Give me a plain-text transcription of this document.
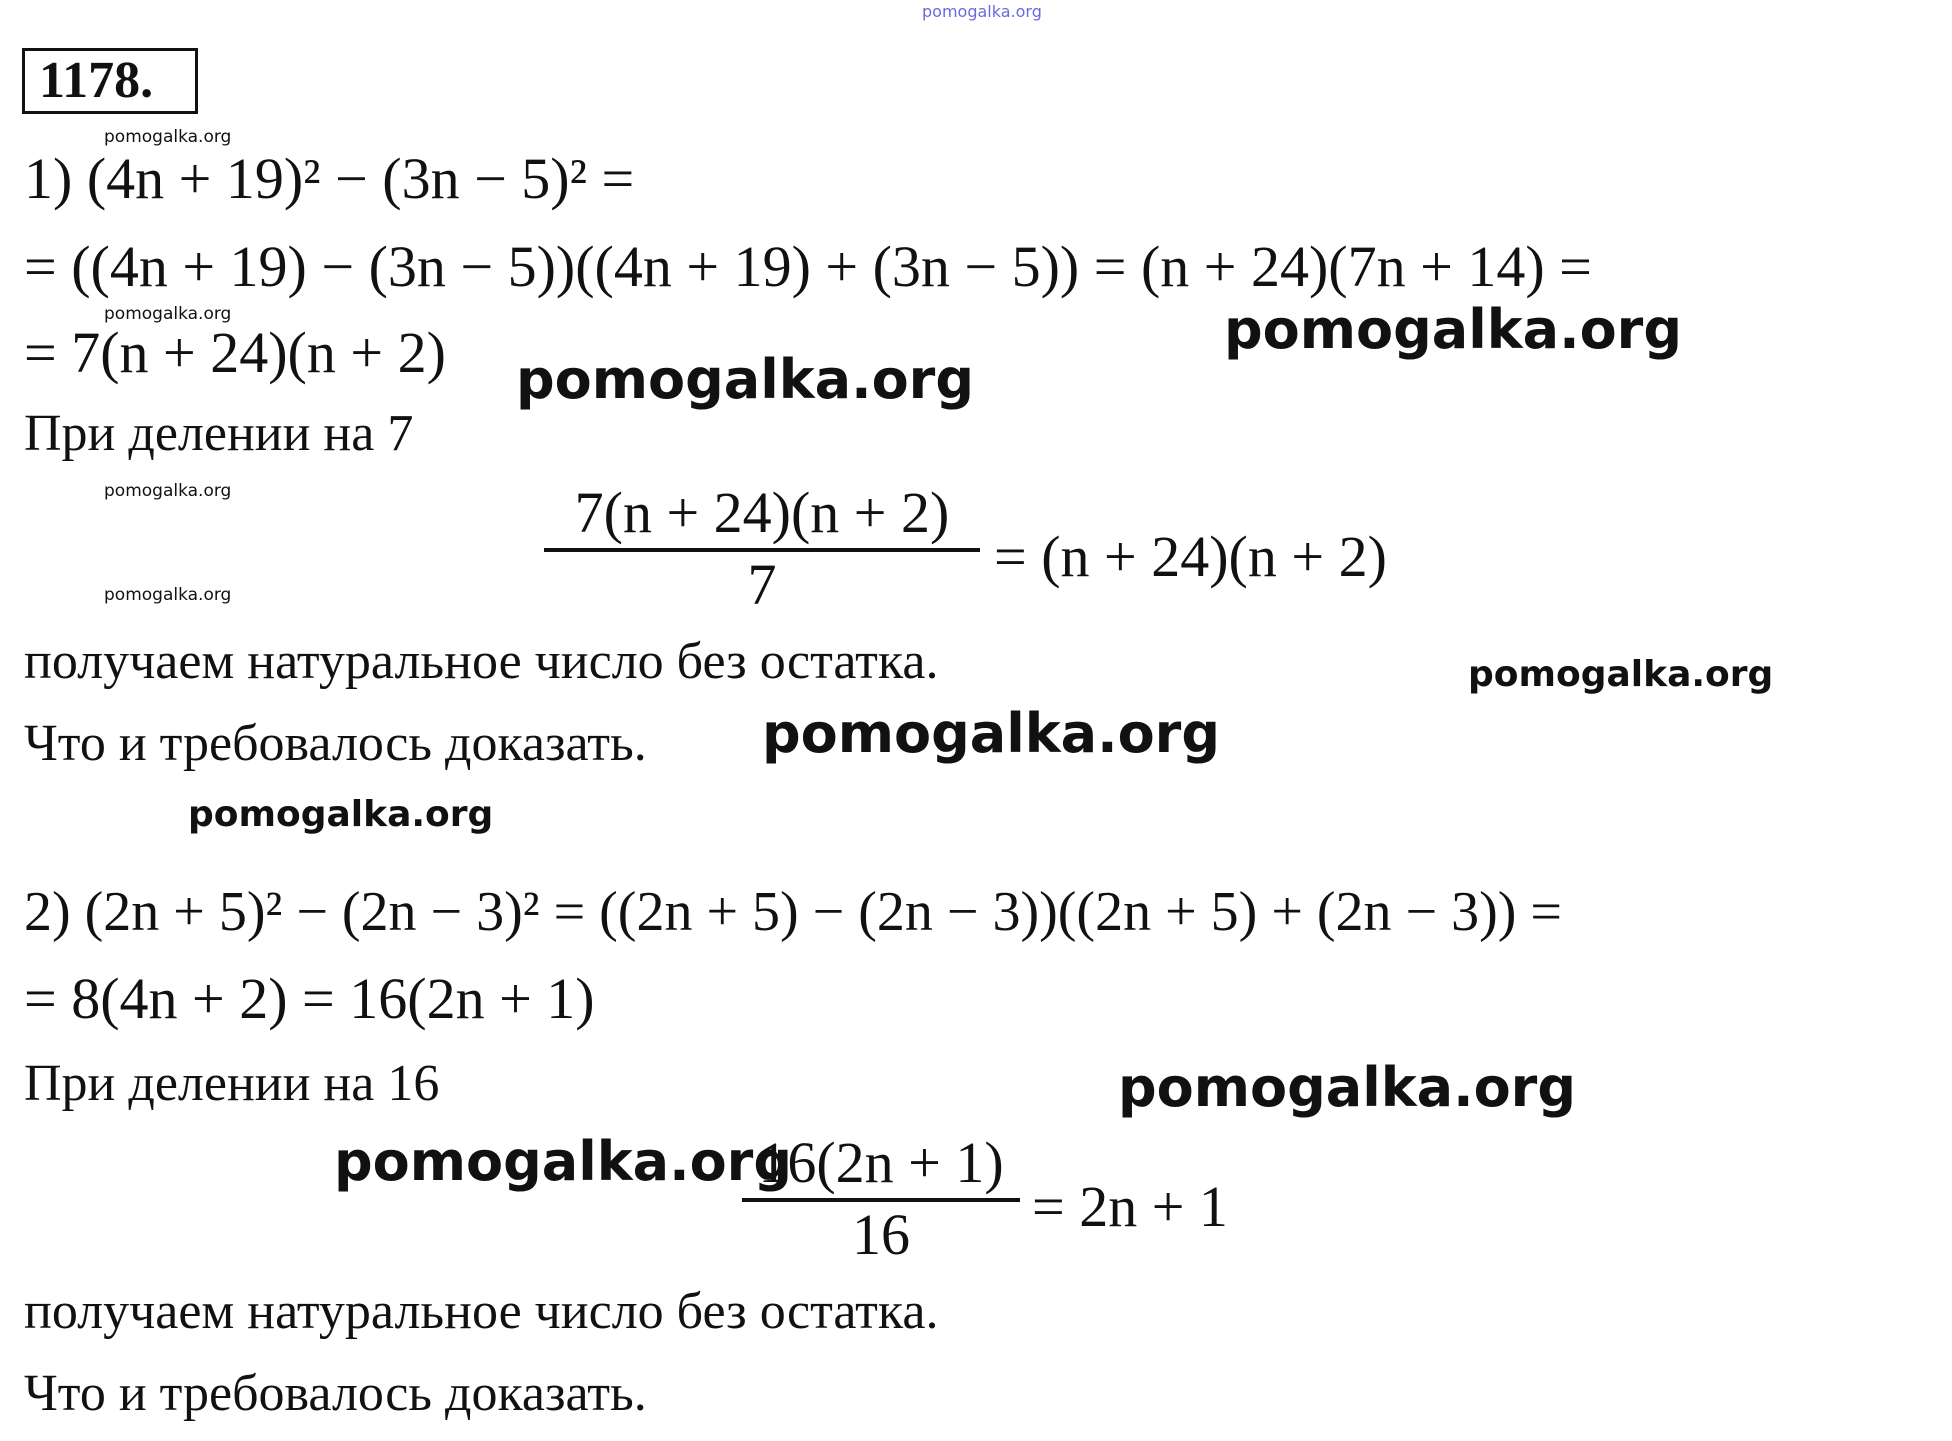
pomogalka.org
1178.
pomogalka.org
pomogalka.org
pomogalka.org
pomogalka.org
1) (4n + 19)² − (3n − 5)² =
= ((4n + 19) − (3n − 5))((4n + 19) + (3n − 5)) = (n + 24)(7n + 14) =
= 7(n + 24)(n + 2)	pomogalka.org
pomogalka.org
При делении на 7
7(n + 24)(n + 2)
7	= (n + 24)(n + 2)
получаем натуральное число без остатка.	pomogalka.org
Что и требовалось доказать. pomogalka.org
pomogalka.org
2) (2n + 5)² − (2n − 3)² = ((2n + 5) − (2n − 3))((2n + 5) + (2n − 3)) =
= 8(4n + 2) = 16(2n + 1)
При делении на 16	pomogalka.org
pomogalka.org
16(2n + 1)
16	= 2n + 1
получаем натуральное число без остатка.
Что и требовалось доказать.
